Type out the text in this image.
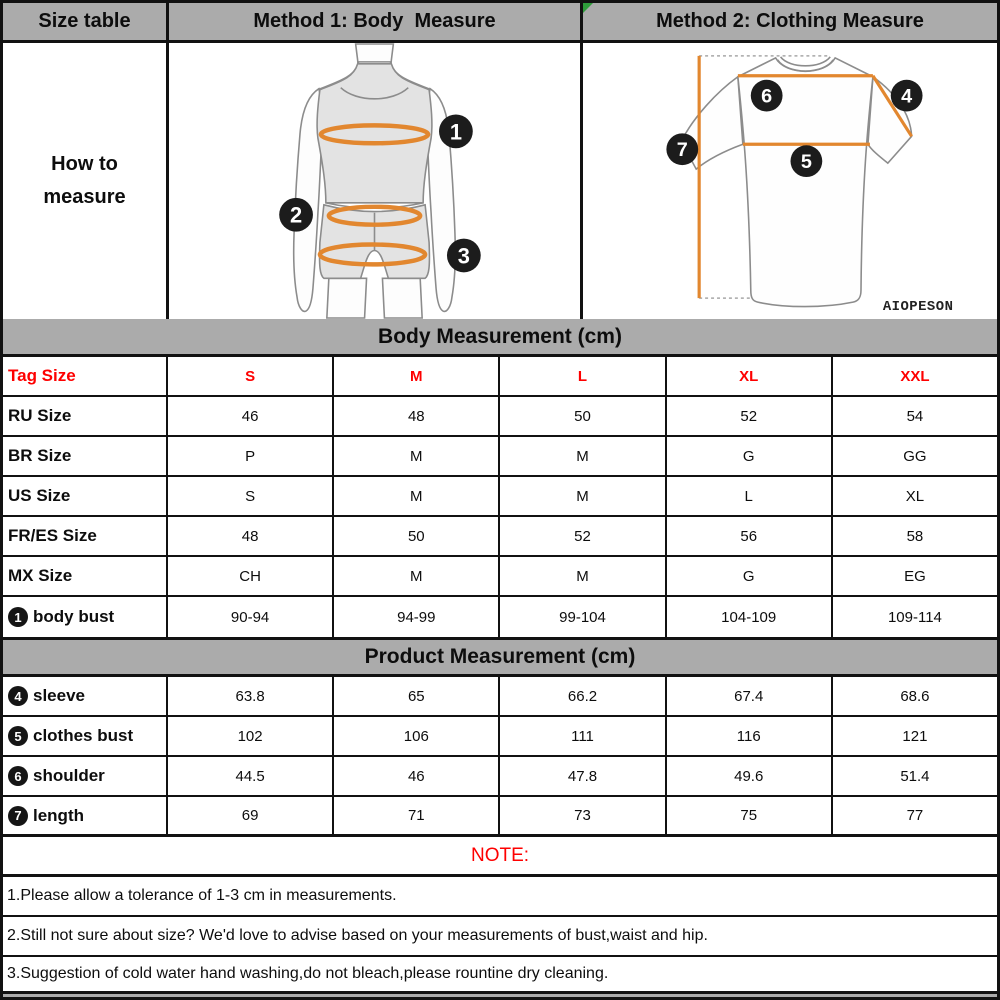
Size table	Method 1: Body  Measure	Method 2: Clothing Measure
How to
measure
1
2
3
6	4
7
5
AIOPESON
Body Measurement (cm)
Tag Size	S	M	L	XL	XXL
RU Size	46	48	50	52	54
BR Size	P	M	M	G	GG
US Size	S	M	M	L	XL
FR/ES Size	48	50	52	56	58
MX Size	CH	M	M	G	EG
1 body bust	90-94	94-99	99-104	104-109	109-114
Product Measurement (cm)
4 sleeve	63.8	65	66.2	67.4	68.6
5 clothes bust	102	106	111	116	121
6 shoulder	44.5	46	47.8	49.6	51.4
7 length	69	71	73	75	77
NOTE:
1.Please allow a tolerance of 1-3 cm in measurements.
2.Still not sure about size? We'd love to advise based on your measurements of bust,waist and hip.
3.Suggestion of cold water hand washing,do not bleach,please rountine dry cleaning.
